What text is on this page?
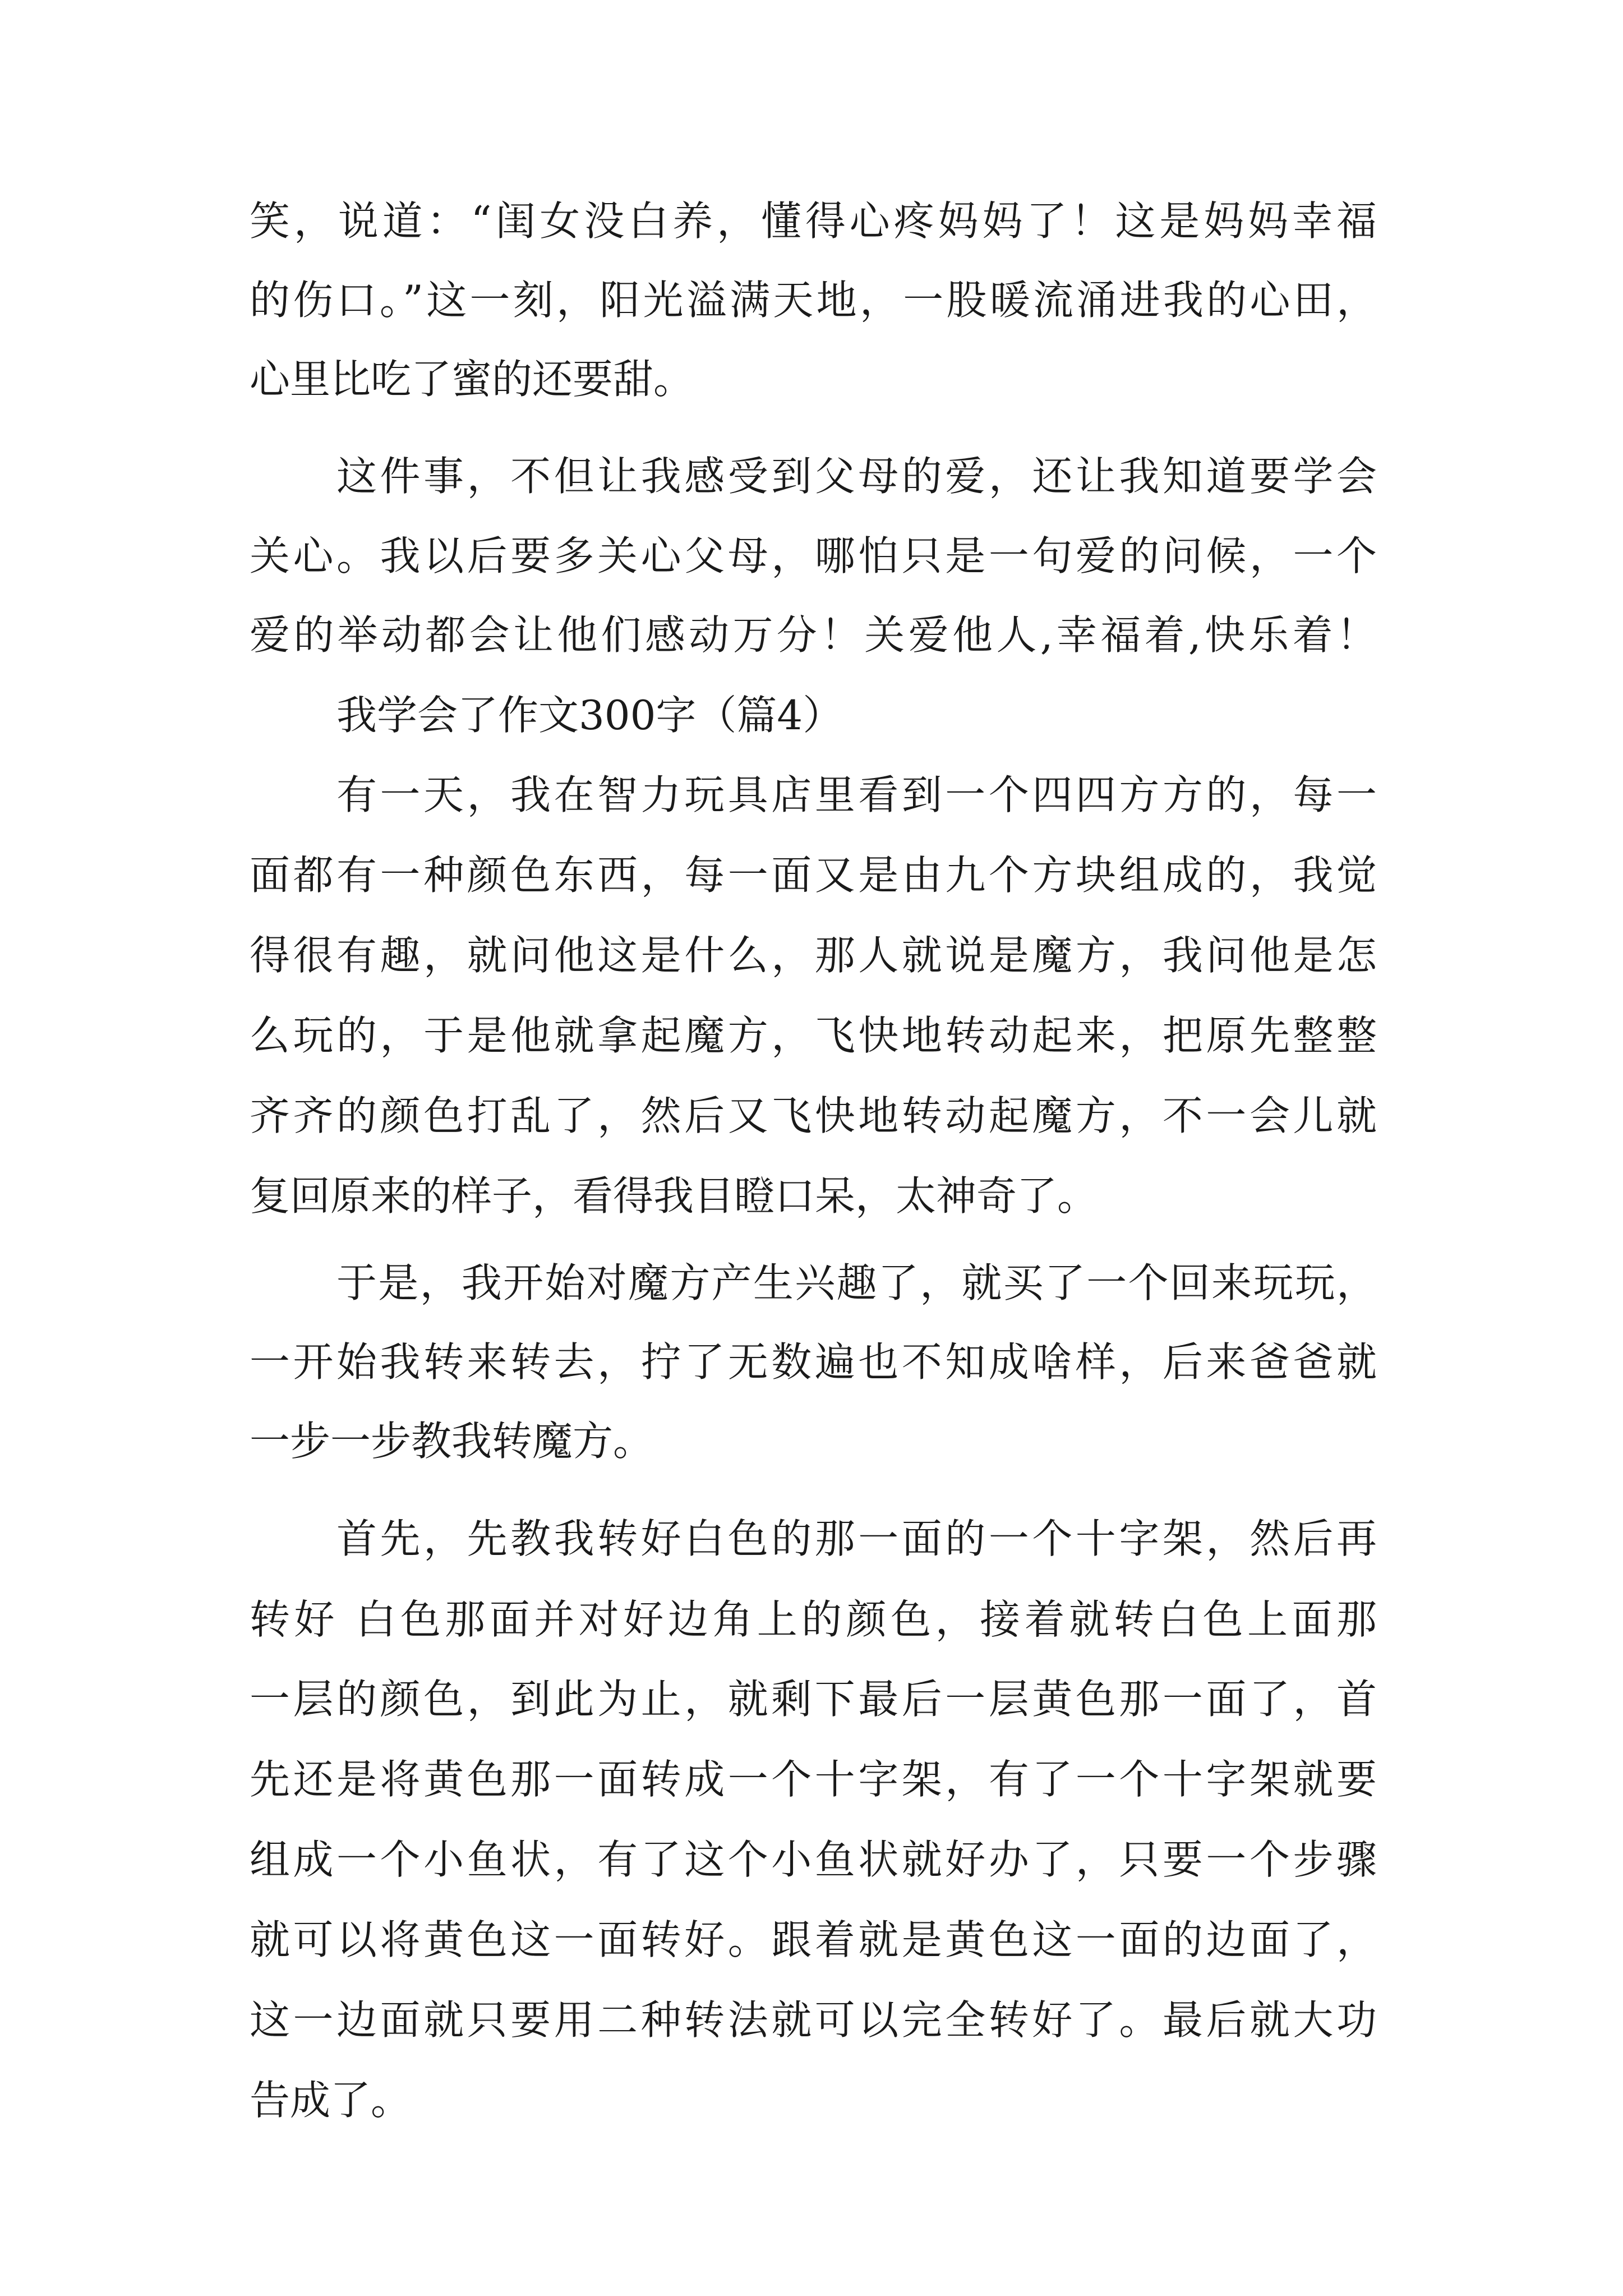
笑，说道：“闺女没白养，懂得心疼妈妈了！这是妈妈幸福
的伤口。”这一刻，阳光溢满天地，一股暖流涌进我的心田，
心里比吃了蜜的还要甜。
这件事，不但让我感受到父母的爱，还让我知道要学会
关心。我以后要多关心父母，哪怕只是一句爱的问候，一个
爱的举动都会让他们感动万分！关爱他人,幸福着,快乐着！
我学会了作文300字（篇4）
有一天，我在智力玩具店里看到一个四四方方的，每一
面都有一种颜色东西，每一面又是由九个方块组成的，我觉
得很有趣，就问他这是什么，那人就说是魔方，我问他是怎
么玩的，于是他就拿起魔方，飞快地转动起来，把原先整整
齐齐的颜色打乱了，然后又飞快地转动起魔方，不一会儿就
复回原来的样子，看得我目瞪口呆，太神奇了。
于是，我开始对魔方产生兴趣了，就买了一个回来玩玩，
一开始我转来转去，拧了无数遍也不知成啥样，后来爸爸就
一步一步教我转魔方。
首先，先教我转好白色的那一面的一个十字架，然后再
转好 白色那面并对好边角上的颜色，接着就转白色上面那
一层的颜色，到此为止，就剩下最后一层黄色那一面了，首
先还是将黄色那一面转成一个十字架，有了一个十字架就要
组成一个小鱼状，有了这个小鱼状就好办了，只要一个步骤
就可以将黄色这一面转好。跟着就是黄色这一面的边面了，
这一边面就只要用二种转法就可以完全转好了。最后就大功
告成了。
